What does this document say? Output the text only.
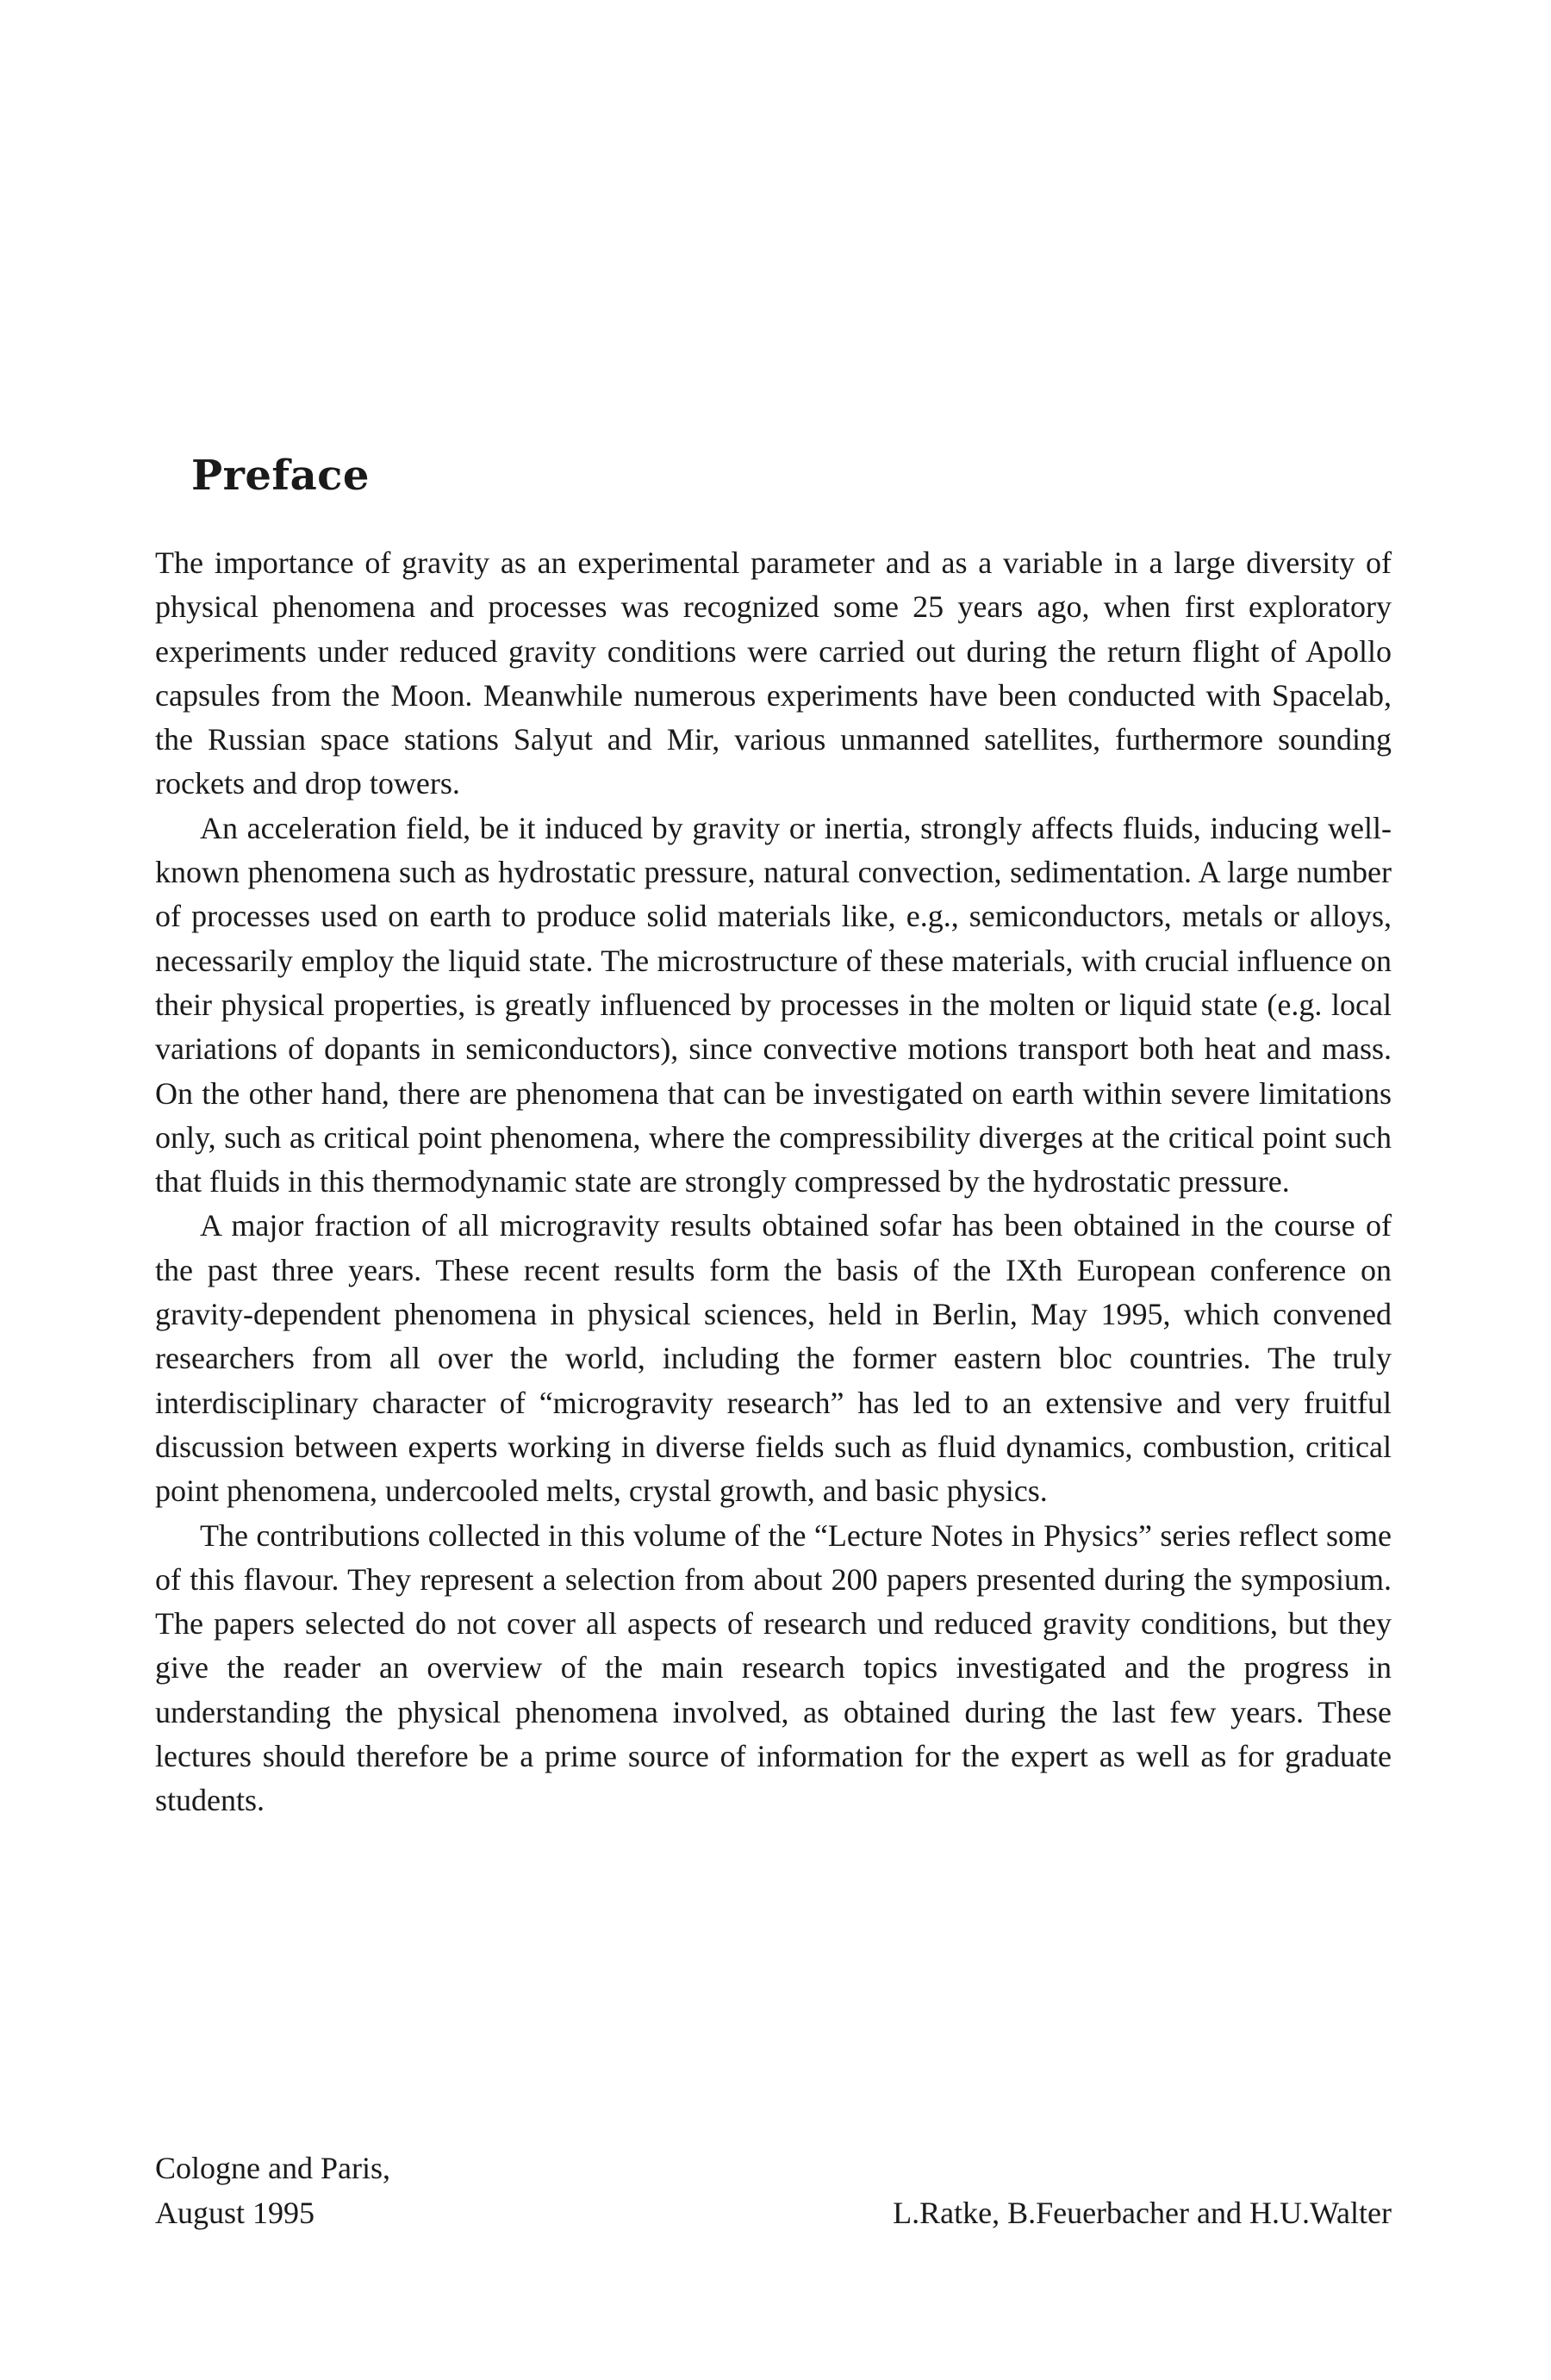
Preface

The importance of gravity as an experimental parameter and as a variable in a large diversity of physical phenomena and processes was recognized some 25 years ago, when first exploratory experiments under reduced gravity conditions were carried out during the return flight of Apollo capsules from the Moon. Meanwhile numerous experiments have been conducted with Spacelab, the Russian space stations Salyut and Mir, various unmanned satellites, furthermore sounding rockets and drop towers.

An acceleration field, be it induced by gravity or inertia, strongly affects fluids, inducing well-known phenomena such as hydrostatic pressure, natural convection, sedimentation. A large number of processes used on earth to produce solid materials like, e.g., semiconductors, metals or alloys, necessarily employ the liquid state. The microstructure of these materials, with crucial influence on their physical properties, is greatly influenced by processes in the molten or liquid state (e.g. local variations of dopants in semiconductors), since convective motions transport both heat and mass. On the other hand, there are phenomena that can be investigated on earth within severe limitations only, such as critical point phenomena, where the compressibility diverges at the critical point such that fluids in this thermodynamic state are strongly compressed by the hydrostatic pressure.

A major fraction of all microgravity results obtained sofar has been obtained in the course of the past three years. These recent results form the basis of the IXth European conference on gravity-dependent phenomena in physical sciences, held in Berlin, May 1995, which convened researchers from all over the world, including the former eastern bloc countries. The truly interdisciplinary character of “microgravity research” has led to an extensive and very fruitful discussion between experts working in diverse fields such as fluid dynamics, combustion, critical point phenomena, undercooled melts, crystal growth, and basic physics.

The contributions collected in this volume of the “Lecture Notes in Physics” series reflect some of this flavour. They represent a selection from about 200 papers presented during the symposium. The papers selected do not cover all aspects of research und reduced gravity conditions, but they give the reader an overview of the main research topics investigated and the progress in understanding the physical phenomena involved, as obtained during the last few years. These lectures should therefore be a prime source of information for the expert as well as for graduate students.

Cologne and Paris,
August 1995	L.Ratke, B.Feuerbacher and H.U.Walter
